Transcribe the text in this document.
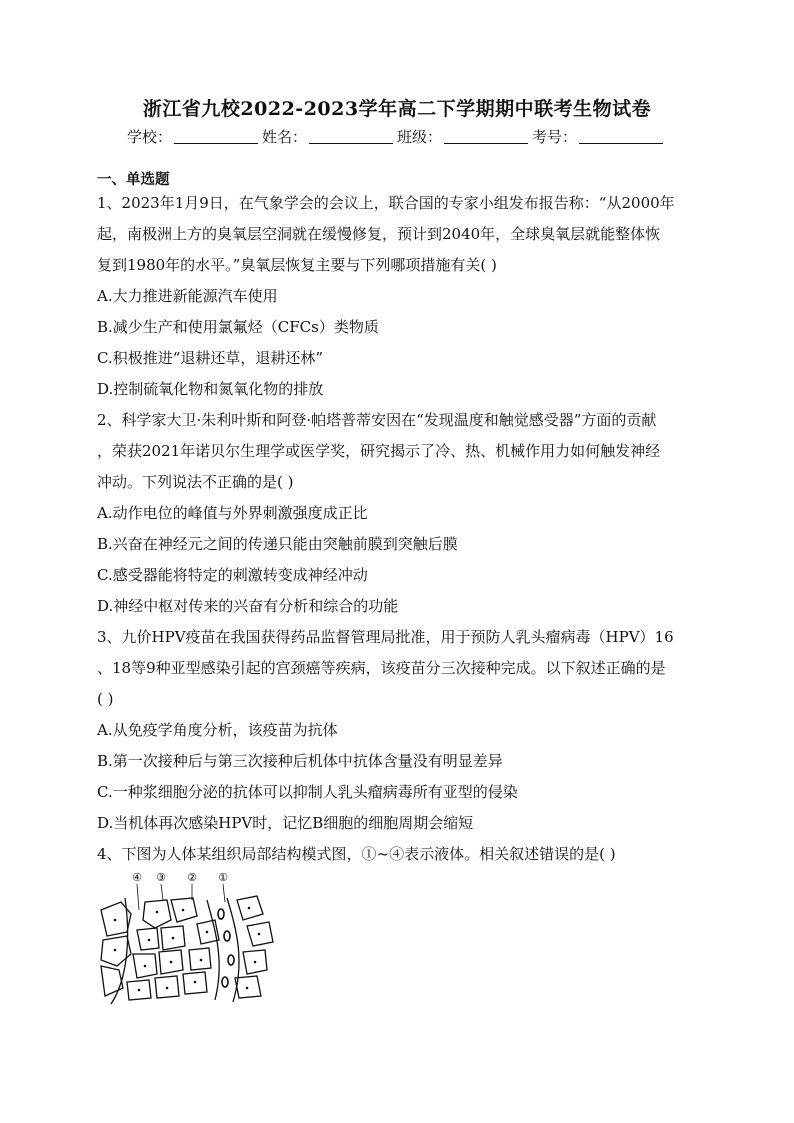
浙江省九校2022-2023学年高二下学期期中联考生物试卷
学校：	姓名：	班级：	考号：
一、单选题
1、2023年1月9日，在气象学会的会议上，联合国的专家小组发布报告称：“从2000年
起，南极洲上方的臭氧层空洞就在缓慢修复，预计到2040年，全球臭氧层就能整体恢
复到1980年的水平。”臭氧层恢复主要与下列哪项措施有关( )
A.大力推进新能源汽车使用
B.减少生产和使用氯氟烃（CFCs）类物质
C.积极推进“退耕还草，退耕还林”
D.控制硫氧化物和氮氧化物的排放
2、科学家大卫·朱利叶斯和阿登·帕塔普蒂安因在“发现温度和触觉感受器”方面的贡献
，荣获2021年诺贝尔生理学或医学奖，研究揭示了冷、热、机械作用力如何触发神经
冲动。下列说法不正确的是( )
A.动作电位的峰值与外界刺激强度成正比
B.兴奋在神经元之间的传递只能由突触前膜到突触后膜
C.感受器能将特定的刺激转变成神经冲动
D.神经中枢对传来的兴奋有分析和综合的功能
3、九价HPV疫苗在我国获得药品监督管理局批准，用于预防人乳头瘤病毒（HPV）16
、18等9种亚型感染引起的宫颈癌等疾病，该疫苗分三次接种完成。以下叙述正确的是
( )
A.从免疫学角度分析，该疫苗为抗体
B.第一次接种后与第三次接种后机体中抗体含量没有明显差异
C.一种浆细胞分泌的抗体可以抑制人乳头瘤病毒所有亚型的侵染
D.当机体再次感染HPV时，记忆B细胞的细胞周期会缩短
4、下图为人体某组织局部结构模式图，①~④表示液体。相关叙述错误的是( )
④ ③ ② ①
